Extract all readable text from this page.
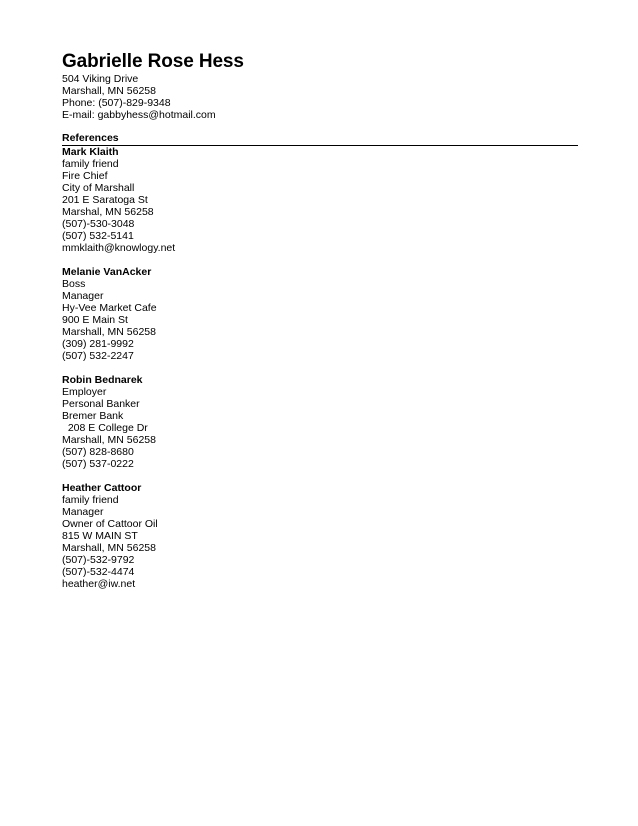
Gabrielle Rose Hess
504 Viking Drive
Marshall, MN 56258
Phone: (507)-829-9348
E-mail: gabbyhess@hotmail.com
References
Mark Klaith
family friend
Fire Chief
City of Marshall
201 E Saratoga St
Marshal, MN 56258
(507)-530-3048
(507) 532-5141
mmklaith@knowlogy.net
Melanie VanAcker
Boss
Manager
Hy-Vee Market Cafe
900 E Main St
Marshall, MN 56258
(309) 281-9992
(507) 532-2247
Robin Bednarek
Employer
Personal Banker
Bremer Bank
208 E College Dr
Marshall, MN 56258
(507) 828-8680
(507) 537-0222
Heather Cattoor
family friend
Manager
Owner of Cattoor Oil
815 W MAIN ST
Marshall, MN 56258
(507)-532-9792
(507)-532-4474
heather@iw.net
